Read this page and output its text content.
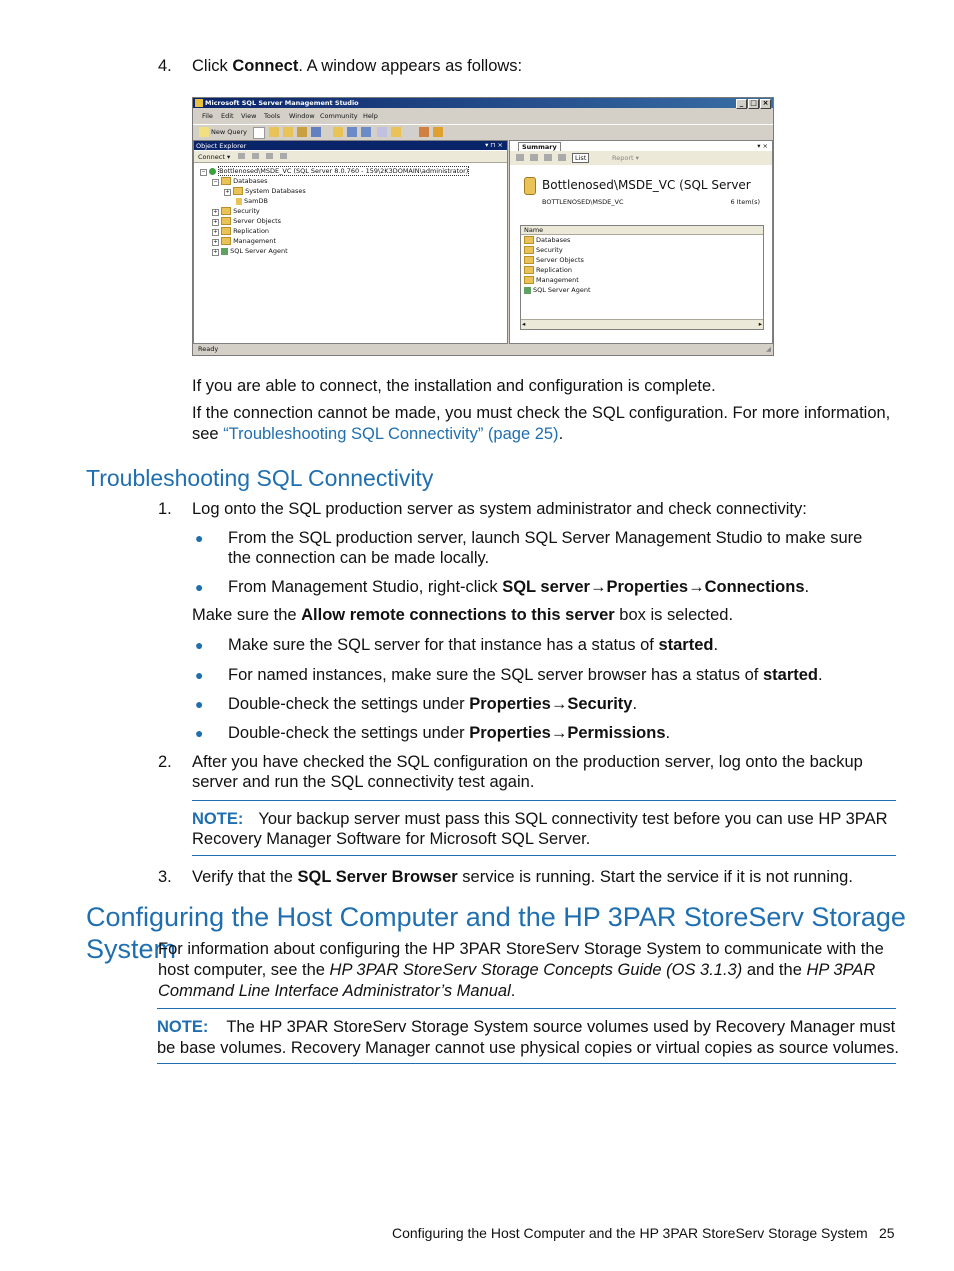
4. Click Connect. A window appears as follows:
Microsoft SQL Server Management Studio	_ □ ×
File Edit View Tools Window Community Help
New Query
Object Explorer	▾ ⊓ ×
Connect ▾
− Bottlenosed\MSDE_VC (SQL Server 8.0.760 - 159\2K3DOMAIN\administrator)
− Databases
+ System Databases
SamDB
+ Security
+ Server Objects
+ Replication
+ Management
+ SQL Server Agent
Summary	▾ ×
List	Report ▾
Bottlenosed\MSDE_VC (SQL Server
BOTTLENOSED\MSDE_VC	6 Item(s)
Name
Databases
Security
Server Objects
Replication
Management
SQL Server Agent
◂	▸
Ready	◢
If you are able to connect, the installation and configuration is complete.
If the connection cannot be made, you must check the SQL configuration. For more information,
see “Troubleshooting SQL Connectivity” (page 25).
Troubleshooting SQL Connectivity
1. Log onto the SQL production server as system administrator and check connectivity:
● From the SQL production server, launch SQL Server Management Studio to make sure
the connection can be made locally.
● From Management Studio, right-click SQL server→Properties→Connections.
Make sure the Allow remote connections to this server box is selected.
● Make sure the SQL server for that instance has a status of started.
● For named instances, make sure the SQL server browser has a status of started.
● Double-check the settings under Properties→Security.
● Double-check the settings under Properties→Permissions.
2. After you have checked the SQL configuration on the production server, log onto the backup
server and run the SQL connectivity test again.
NOTE: Your backup server must pass this SQL connectivity test before you can use HP 3PAR
Recovery Manager Software for Microsoft SQL Server.
3. Verify that the SQL Server Browser service is running. Start the service if it is not running.
Configuring the Host Computer and the HP 3PAR StoreServ Storage System
For information about configuring the HP 3PAR StoreServ Storage System to communicate with the
host computer, see the HP 3PAR StoreServ Storage Concepts Guide (OS 3.1.3) and the HP 3PAR
Command Line Interface Administrator’s Manual.
NOTE: The HP 3PAR StoreServ Storage System source volumes used by Recovery Manager must
be base volumes. Recovery Manager cannot use physical copies or virtual copies as source volumes.
Configuring the Host Computer and the HP 3PAR StoreServ Storage System 25
